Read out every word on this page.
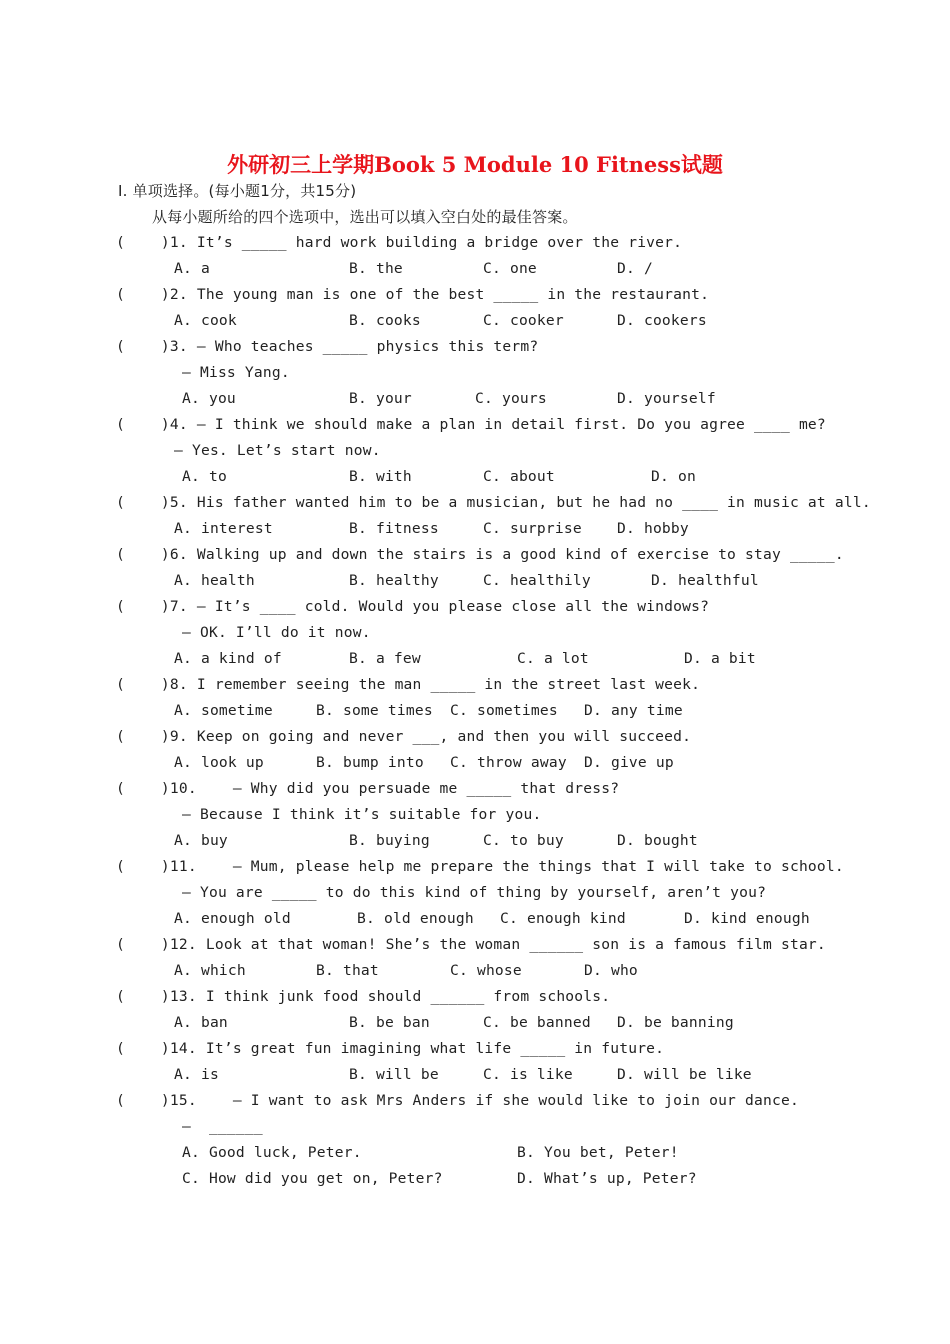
外研初三上学期Book 5 Module 10 Fitness试题
Ⅰ. 单项选择。(每小题1分，共15分)
从每小题所给的四个选项中，选出可以填入空白处的最佳答案。
(    )1. It’s _____ hard work building a bridge over the river.
A. a	B. the	C. one	D. /
(    )2. The young man is one of the best _____ in the restaurant.
A. cook	B. cooks	C. cooker	D. cookers
(    )3. — Who teaches _____ physics this term?
— Miss Yang.
A. you	B. your	C. yours	D. yourself
(    )4. — I think we should make a plan in detail first. Do you agree ____ me?
— Yes. Let’s start now.
A. to	B. with	C. about	D. on
(    )5. His father wanted him to be a musician, but he had no ____ in music at all.
A. interest	B. fitness	C. surprise D. hobby
(    )6. Walking up and down the stairs is a good kind of exercise to stay _____.
A. health	B. healthy	C. healthily	D. healthful
(    )7. — It’s ____ cold. Would you please close all the windows?
— OK. I’ll do it now.
A. a kind of	B. a few	C. a lot	D. a bit
(    )8. I remember seeing the man _____ in the street last week.
A. sometime	B. some times C. sometimes D. any time
(    )9. Keep on going and never ___, and then you will succeed.
A. look up	B. bump into C. throw away D. give up
(    )10.    — Why did you persuade me _____ that dress?
— Because I think it’s suitable for you.
A. buy	B. buying	C. to buy	D. bought
(    )11.    — Mum, please help me prepare the things that I will take to school.
— You are _____ to do this kind of thing by yourself, aren’t you?
A. enough old	B. old enough C. enough kind	D. kind enough
(    )12. Look at that woman! She’s the woman ______ son is a famous film star.
A. which	B. that	C. whose	D. who
(    )13. I think junk food should ______ from schools.
A. ban	B. be ban	C. be banned D. be banning
(    )14. It’s great fun imagining what life _____ in future.
A. is	B. will be	C. is like	D. will be like
(    )15.    — I want to ask Mrs Anders if she would like to join our dance.
—  ______
A. Good luck, Peter.	B. You bet, Peter!
C. How did you get on, Peter?	D. What’s up, Peter?
